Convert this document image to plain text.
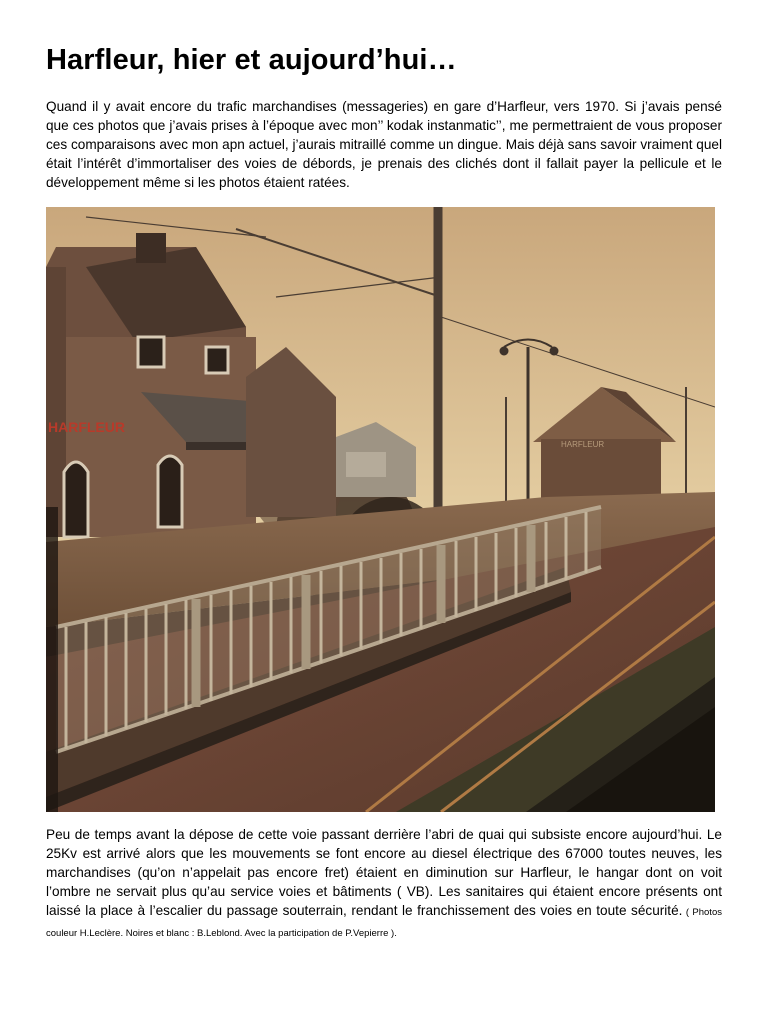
Harfleur, hier et aujourd’hui…

Quand il y avait encore du trafic marchandises (messageries) en gare d’Harfleur, vers 1970. Si j’avais pensé que ces photos que j’avais prises à l’époque avec mon’’ kodak instanmatic’’, me permettraient de vous proposer ces comparaisons avec mon apn actuel, j’aurais mitraillé comme un dingue. Mais déjà sans savoir vraiment quel était l’intérêt d’immortaliser des voies de débords, je prenais des clichés dont il fallait payer la pellicule et le développement même si les photos étaient ratées.

HARFLEUR
HARFLEUR

Peu de temps avant la dépose de cette voie passant derrière l’abri de quai qui subsiste encore aujourd’hui. Le 25Kv est arrivé alors que les mouvements se font encore au diesel électrique des 67000 toutes neuves, les marchandises (qu’on n’appelait pas encore fret) étaient en diminution sur Harfleur, le hangar dont on voit l’ombre ne servait plus qu’au service voies et bâtiments ( VB). Les sanitaires qui étaient encore présents ont laissé la place à l’escalier du passage souterrain, rendant le franchissement des voies en toute sécurité. ( Photos couleur H.Leclère. Noires et blanc : B.Leblond. Avec la participation de P.Vepierre ).
